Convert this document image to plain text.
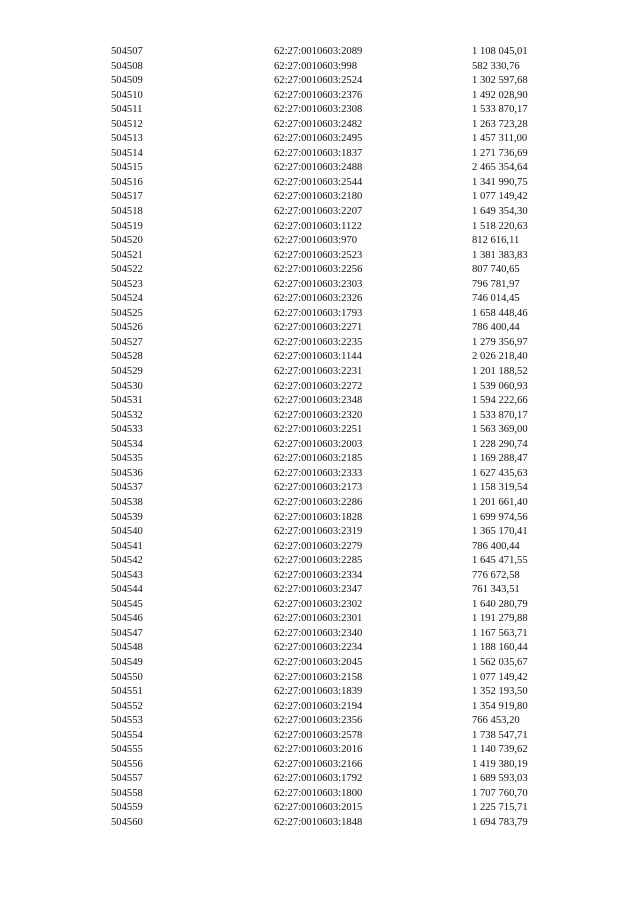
504507	62:27:0010603:2089	1 108 045,01
504508	62:27:0010603:998	582 330,76
504509	62:27:0010603:2524	1 302 597,68
504510	62:27:0010603:2376	1 492 028,90
504511	62:27:0010603:2308	1 533 870,17
504512	62:27:0010603:2482	1 263 723,28
504513	62:27:0010603:2495	1 457 311,00
504514	62:27:0010603:1837	1 271 736,69
504515	62:27:0010603:2488	2 465 354,64
504516	62:27:0010603:2544	1 341 990,75
504517	62:27:0010603:2180	1 077 149,42
504518	62:27:0010603:2207	1 649 354,30
504519	62:27:0010603:1122	1 518 220,63
504520	62:27:0010603:970	812 616,11
504521	62:27:0010603:2523	1 381 383,83
504522	62:27:0010603:2256	807 740,65
504523	62:27:0010603:2303	796 781,97
504524	62:27:0010603:2326	746 014,45
504525	62:27:0010603:1793	1 658 448,46
504526	62:27:0010603:2271	786 400,44
504527	62:27:0010603:2235	1 279 356,97
504528	62:27:0010603:1144	2 026 218,40
504529	62:27:0010603:2231	1 201 188,52
504530	62:27:0010603:2272	1 539 060,93
504531	62:27:0010603:2348	1 594 222,66
504532	62:27:0010603:2320	1 533 870,17
504533	62:27:0010603:2251	1 563 369,00
504534	62:27:0010603:2003	1 228 290,74
504535	62:27:0010603:2185	1 169 288,47
504536	62:27:0010603:2333	1 627 435,63
504537	62:27:0010603:2173	1 158 319,54
504538	62:27:0010603:2286	1 201 661,40
504539	62:27:0010603:1828	1 699 974,56
504540	62:27:0010603:2319	1 365 170,41
504541	62:27:0010603:2279	786 400,44
504542	62:27:0010603:2285	1 645 471,55
504543	62:27:0010603:2334	776 672,58
504544	62:27:0010603:2347	761 343,51
504545	62:27:0010603:2302	1 640 280,79
504546	62:27:0010603:2301	1 191 279,88
504547	62:27:0010603:2340	1 167 563,71
504548	62:27:0010603:2234	1 188 160,44
504549	62:27:0010603:2045	1 562 035,67
504550	62:27:0010603:2158	1 077 149,42
504551	62:27:0010603:1839	1 352 193,50
504552	62:27:0010603:2194	1 354 919,80
504553	62:27:0010603:2356	766 453,20
504554	62:27:0010603:2578	1 738 547,71
504555	62:27:0010603:2016	1 140 739,62
504556	62:27:0010603:2166	1 419 380,19
504557	62:27:0010603:1792	1 689 593,03
504558	62:27:0010603:1800	1 707 760,70
504559	62:27:0010603:2015	1 225 715,71
504560	62:27:0010603:1848	1 694 783,79
